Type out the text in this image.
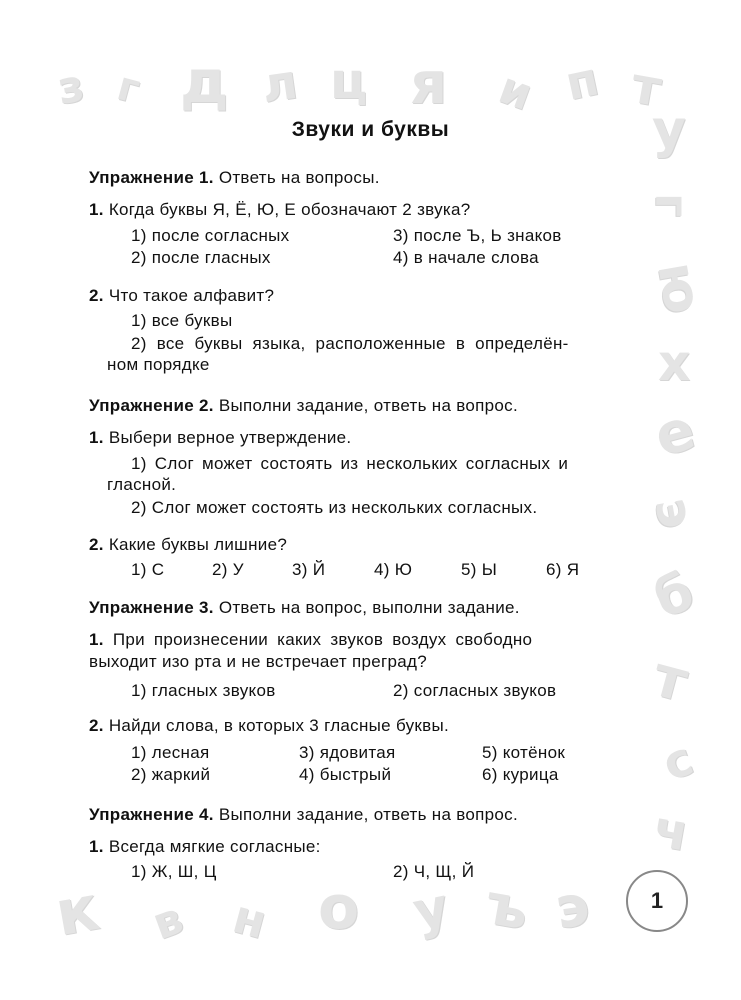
з г д л ц я и п т
у
г
ю
х
е
э
б
т
с
ч
к в н о у ъ э
Звуки и буквы
Упражнение 1. Ответь на вопросы.
1. Когда буквы Я, Ё, Ю, Е обозначают 2 звука?
1) после согласных	3) после Ъ, Ь знаков
2) после гласных	4) в начале слова
2. Что такое алфавит?
1) все буквы
2) все буквы языка, расположенные в определён-
ном порядке
Упражнение 2. Выполни задание, ответь на вопрос.
1. Выбери верное утверждение.
1) Слог может состоять из нескольких согласных и
гласной.
2) Слог может состоять из нескольких согласных.
2. Какие буквы лишние?
1) С	2) У	3) Й	4) Ю	5) Ы	6) Я
Упражнение 3. Ответь на вопрос, выполни задание.
1. При произнесении каких звуков воздух свободно
выходит изо рта и не встречает преград?
1) гласных звуков	2) согласных звуков
2. Найди слова, в которых 3 гласные буквы.
1) лесная	3) ядовитая	5) котёнок
2) жаркий	4) быстрый	6) курица
Упражнение 4. Выполни задание, ответь на вопрос.
1. Всегда мягкие согласные:
1) Ж, Ш, Ц	2) Ч, Щ, Й
1
